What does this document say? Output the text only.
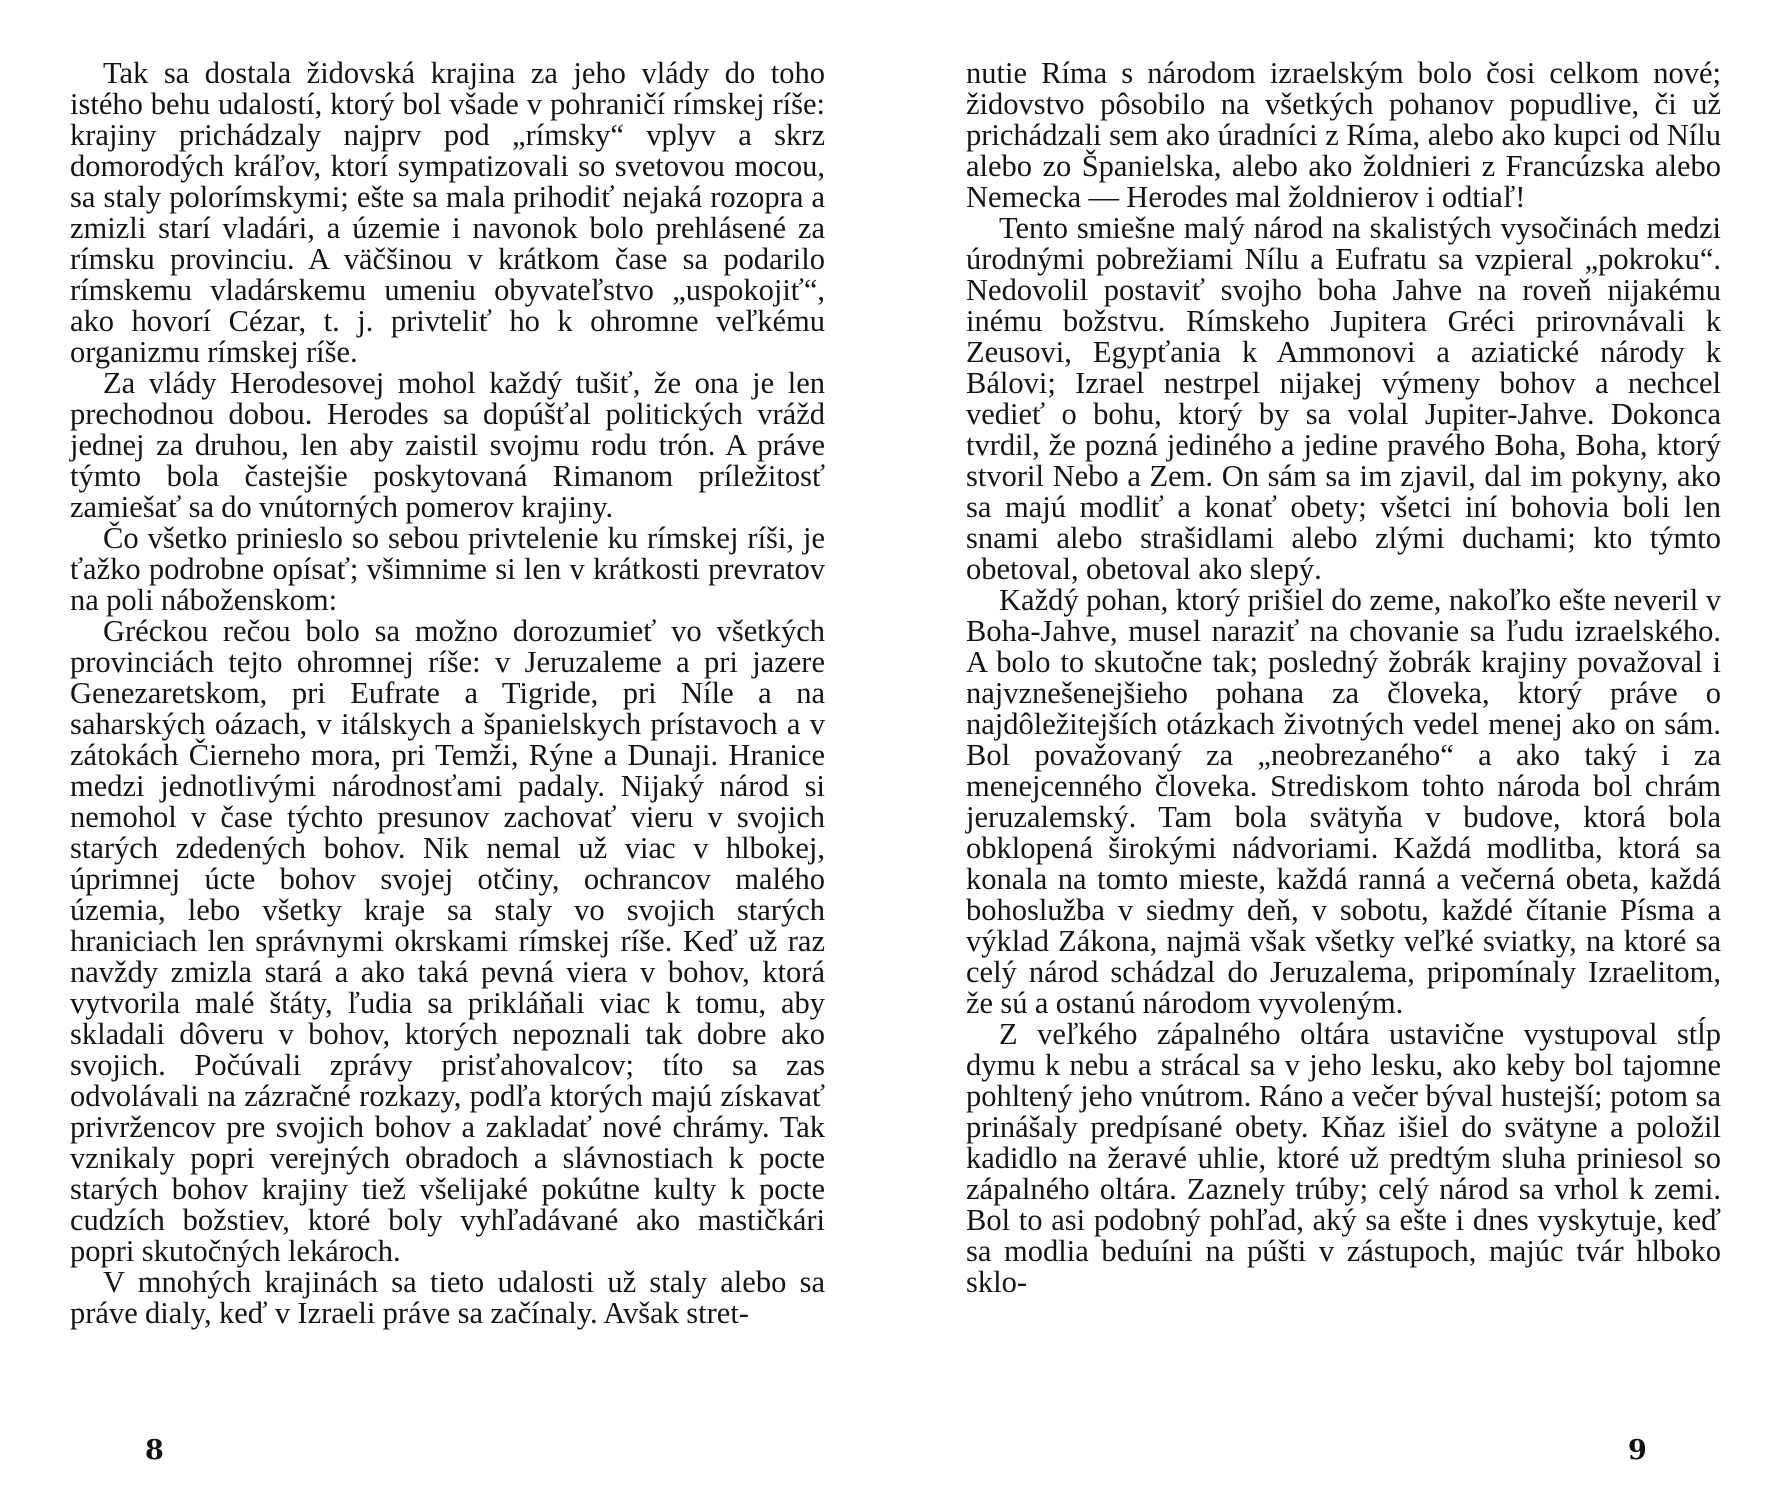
Tak sa dostala židovská krajina za jeho vlády do toho istého behu udalostí, ktorý bol všade v pohraničí rímskej ríše: krajiny prichádzaly najprv pod „rímsky“ vplyv a skrz domorodých kráľov, ktorí sympatizovali so svetovou mocou, sa staly polorímskymi; ešte sa mala prihodiť nejaká rozopra a zmizli starí vladári, a územie i navonok bolo prehlásené za rímsku provinciu. A väčšinou v krátkom čase sa podarilo rímskemu vladárskemu umeniu obyvateľstvo „uspokojiť“, ako hovorí Cézar, t. j. privteliť ho k ohromne veľkému organizmu rímskej ríše.

Za vlády Herodesovej mohol každý tušiť, že ona je len prechodnou dobou. Herodes sa dopúšťal politických vrážd jednej za druhou, len aby zaistil svojmu rodu trón. A práve týmto bola častejšie poskytovaná Rimanom príležitosť zamiešať sa do vnútorných pomerov krajiny.

Čo všetko prinieslo so sebou privtelenie ku rímskej ríši, je ťažko podrobne opísať; všimnime si len v krátkosti prevratov na poli náboženskom:

Gréckou rečou bolo sa možno dorozumieť vo všetkých provinciách tejto ohromnej ríše: v Jeruzaleme a pri jazere Genezaretskom, pri Eufrate a Tigride, pri Níle a na saharských oázach, v itálskych a španielskych prístavoch a v zátokách Čierneho mora, pri Temži, Rýne a Dunaji. Hranice medzi jednotlivými národnosťami padaly. Nijaký národ si nemohol v čase týchto presunov zachovať vieru v svojich starých zdedených bohov. Nik nemal už viac v hlbokej, úprimnej úcte bohov svojej otčiny, ochrancov malého územia, lebo všetky kraje sa staly vo svojich starých hraniciach len správnymi okrskami rímskej ríše. Keď už raz navždy zmizla stará a ako taká pevná viera v bohov, ktorá vytvorila malé štáty, ľudia sa prikláňali viac k tomu, aby skladali dôveru v bohov, ktorých nepoznali tak dobre ako svojich. Počúvali zprávy prisťahovalcov; títo sa zas odvolávali na zázračné rozkazy, podľa ktorých majú získavať privržencov pre svojich bohov a zakladať nové chrámy. Tak vznikaly popri verejných obradoch a slávnostiach k pocte starých bohov krajiny tiež všelijaké pokútne kulty k pocte cudzích božstiev, ktoré boly vyhľadávané ako mastičkári popri skutočných lekároch.

V mnohých krajinách sa tieto udalosti už staly alebo sa práve dialy, keď v Izraeli práve sa začínaly. Avšak stret-

nutie Ríma s národom izraelským bolo čosi celkom nové; židovstvo pôsobilo na všetkých pohanov popudlive, či už prichádzali sem ako úradníci z Ríma, alebo ako kupci od Nílu alebo zo Španielska, alebo ako žoldnieri z Francúzska alebo Nemecka — Herodes mal žoldnierov i odtiaľ!

Tento smiešne malý národ na skalistých vysočinách medzi úrodnými pobrežiami Nílu a Eufratu sa vzpieral „pokroku“. Nedovolil postaviť svojho boha Jahve na roveň nijakému inému božstvu. Rímskeho Jupitera Gréci prirovnávali k Zeusovi, Egypťania k Ammonovi a aziatické národy k Bálovi; Izrael nestrpel nijakej výmeny bohov a nechcel vedieť o bohu, ktorý by sa volal Jupiter-Jahve. Dokonca tvrdil, že pozná jediného a jedine pravého Boha, Boha, ktorý stvoril Nebo a Zem. On sám sa im zjavil, dal im pokyny, ako sa majú modliť a konať obety; všetci iní bohovia boli len snami alebo strašidlami alebo zlými duchami; kto týmto obetoval, obetoval ako slepý.

Každý pohan, ktorý prišiel do zeme, nakoľko ešte neveril v Boha-Jahve, musel naraziť na chovanie sa ľudu izraelského. A bolo to skutočne tak; posledný žobrák krajiny považoval i najvznešenejšieho pohana za človeka, ktorý práve o najdôležitejších otázkach životných vedel menej ako on sám. Bol považovaný za „neobrezaného“ a ako taký i za menejcenného človeka. Strediskom tohto národa bol chrám jeruzalemský. Tam bola svätyňa v budove, ktorá bola obklopená širokými nádvoriami. Každá modlitba, ktorá sa konala na tomto mieste, každá ranná a večerná obeta, každá bohoslužba v siedmy deň, v sobotu, každé čítanie Písma a výklad Zákona, najmä však všetky veľké sviatky, na ktoré sa celý národ schádzal do Jeruzalema, pripomínaly Izraelitom, že sú a ostanú národom vyvoleným.

Z veľkého zápalného oltára ustavične vystupoval stĺp dymu k nebu a strácal sa v jeho lesku, ako keby bol tajomne pohltený jeho vnútrom. Ráno a večer býval hustejší; potom sa prinášaly predpísané obety. Kňaz išiel do svätyne a položil kadidlo na žeravé uhlie, ktoré už predtým sluha priniesol so zápalného oltára. Zaznely trúby; celý národ sa vrhol k zemi. Bol to asi podobný pohľad, aký sa ešte i dnes vyskytuje, keď sa modlia beduíni na púšti v zástupoch, majúc tvár hlboko sklo-

8	9
